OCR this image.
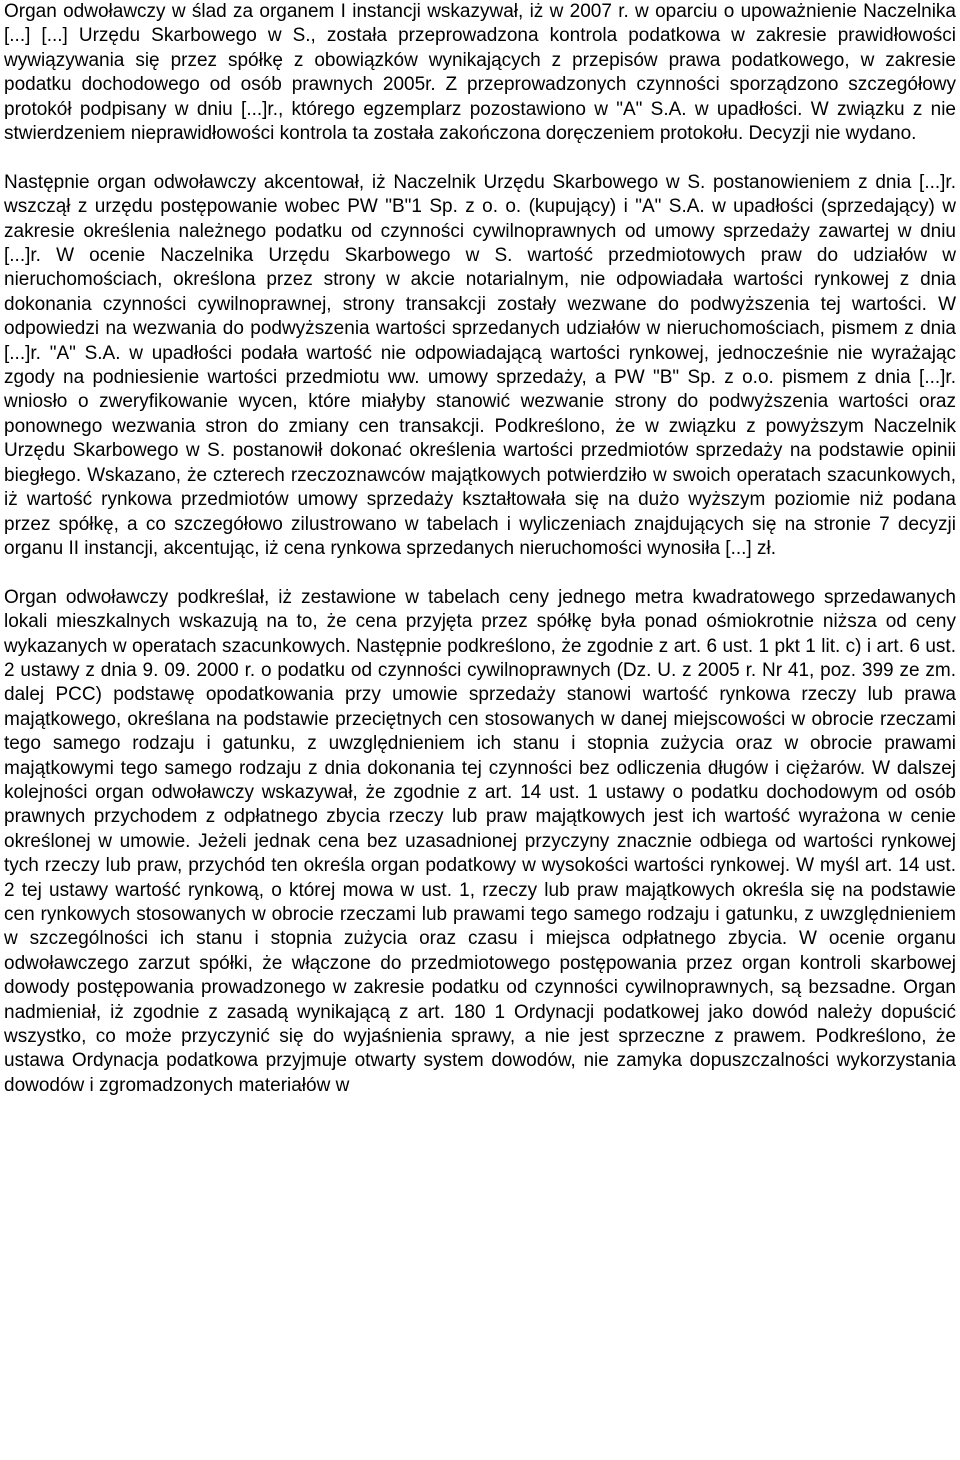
Organ odwoławczy w ślad za organem I instancji wskazywał, iż w 2007 r. w oparciu o upoważnienie Naczelnika [...] [...] Urzędu Skarbowego w S., została przeprowadzona kontrola podatkowa w zakresie prawidłowości wywiązywania się przez spółkę z obowiązków wynikających z przepisów prawa podatkowego, w zakresie podatku dochodowego od osób prawnych 2005r. Z przeprowadzonych czynności sporządzono szczegółowy protokół podpisany w dniu [...]r., którego egzemplarz pozostawiono w "A" S.A. w upadłości. W związku z nie stwierdzeniem nieprawidłowości kontrola ta została zakończona doręczeniem protokołu. Decyzji nie wydano.

Następnie organ odwoławczy akcentował, iż Naczelnik Urzędu Skarbowego w S. postanowieniem z dnia [...]r. wszczął z urzędu postępowanie wobec PW "B"1 Sp. z o. o. (kupujący) i "A" S.A. w upadłości (sprzedający) w zakresie określenia należnego podatku od czynności cywilnoprawnych od umowy sprzedaży zawartej w dniu [...]r. W ocenie Naczelnika Urzędu Skarbowego w S. wartość przedmiotowych praw do udziałów w nieruchomościach, określona przez strony w akcie notarialnym, nie odpowiadała wartości rynkowej z dnia dokonania czynności cywilnoprawnej, strony transakcji zostały wezwane do podwyższenia tej wartości. W odpowiedzi na wezwania do podwyższenia wartości sprzedanych udziałów w nieruchomościach, pismem z dnia [...]r. "A" S.A. w upadłości podała wartość nie odpowiadającą wartości rynkowej, jednocześnie nie wyrażając zgody na podniesienie wartości przedmiotu ww. umowy sprzedaży, a PW "B" Sp. z o.o. pismem z dnia [...]r. wniosło o zweryfikowanie wycen, które miałyby stanowić wezwanie strony do podwyższenia wartości oraz ponownego wezwania stron do zmiany cen transakcji. Podkreślono, że w związku z powyższym Naczelnik Urzędu Skarbowego w S. postanowił dokonać określenia wartości przedmiotów sprzedaży na podstawie opinii biegłego. Wskazano, że czterech rzeczoznawców majątkowych potwierdziło w swoich operatach szacunkowych, iż wartość rynkowa przedmiotów umowy sprzedaży kształtowała się na dużo wyższym poziomie niż podana przez spółkę, a co szczegółowo zilustrowano w tabelach i wyliczeniach znajdujących się na stronie 7 decyzji organu II instancji, akcentując, iż cena rynkowa sprzedanych nieruchomości wynosiła [...] zł.

Organ odwoławczy podkreślał, iż zestawione w tabelach ceny jednego metra kwadratowego sprzedawanych lokali mieszkalnych wskazują na to, że cena przyjęta przez spółkę była ponad ośmiokrotnie niższa od ceny wykazanych w operatach szacunkowych. Następnie podkreślono, że zgodnie z art. 6 ust. 1 pkt 1 lit. c) i art. 6 ust. 2 ustawy z dnia 9. 09. 2000 r. o podatku od czynności cywilnoprawnych (Dz. U. z 2005 r. Nr 41, poz. 399 ze zm. dalej PCC) podstawę opodatkowania przy umowie sprzedaży stanowi wartość rynkowa rzeczy lub prawa majątkowego, określana na podstawie przeciętnych cen stosowanych w danej miejscowości w obrocie rzeczami tego samego rodzaju i gatunku, z uwzględnieniem ich stanu i stopnia zużycia oraz w obrocie prawami majątkowymi tego samego rodzaju z dnia dokonania tej czynności bez odliczenia długów i ciężarów. W dalszej kolejności organ odwoławczy wskazywał, że zgodnie z art. 14 ust. 1 ustawy o podatku dochodowym od osób prawnych przychodem z odpłatnego zbycia rzeczy lub praw majątkowych jest ich wartość wyrażona w cenie określonej w umowie. Jeżeli jednak cena bez uzasadnionej przyczyny znacznie odbiega od wartości rynkowej tych rzeczy lub praw, przychód ten określa organ podatkowy w wysokości wartości rynkowej. W myśl art. 14 ust. 2 tej ustawy wartość rynkową, o której mowa w ust. 1, rzeczy lub praw majątkowych określa się na podstawie cen rynkowych stosowanych w obrocie rzeczami lub prawami tego samego rodzaju i gatunku, z uwzględnieniem w szczególności ich stanu i stopnia zużycia oraz czasu i miejsca odpłatnego zbycia. W ocenie organu odwoławczego zarzut spółki, że włączone do przedmiotowego postępowania przez organ kontroli skarbowej dowody postępowania prowadzonego w zakresie podatku od czynności cywilnoprawnych, są bezsadne. Organ nadmieniał, iż zgodnie z zasadą wynikającą z art. 180 1 Ordynacji podatkowej jako dowód należy dopuścić wszystko, co może przyczynić się do wyjaśnienia sprawy, a nie jest sprzeczne z prawem. Podkreślono, że ustawa Ordynacja podatkowa przyjmuje otwarty system dowodów, nie zamyka dopuszczalności wykorzystania dowodów i zgromadzonych materiałów w
